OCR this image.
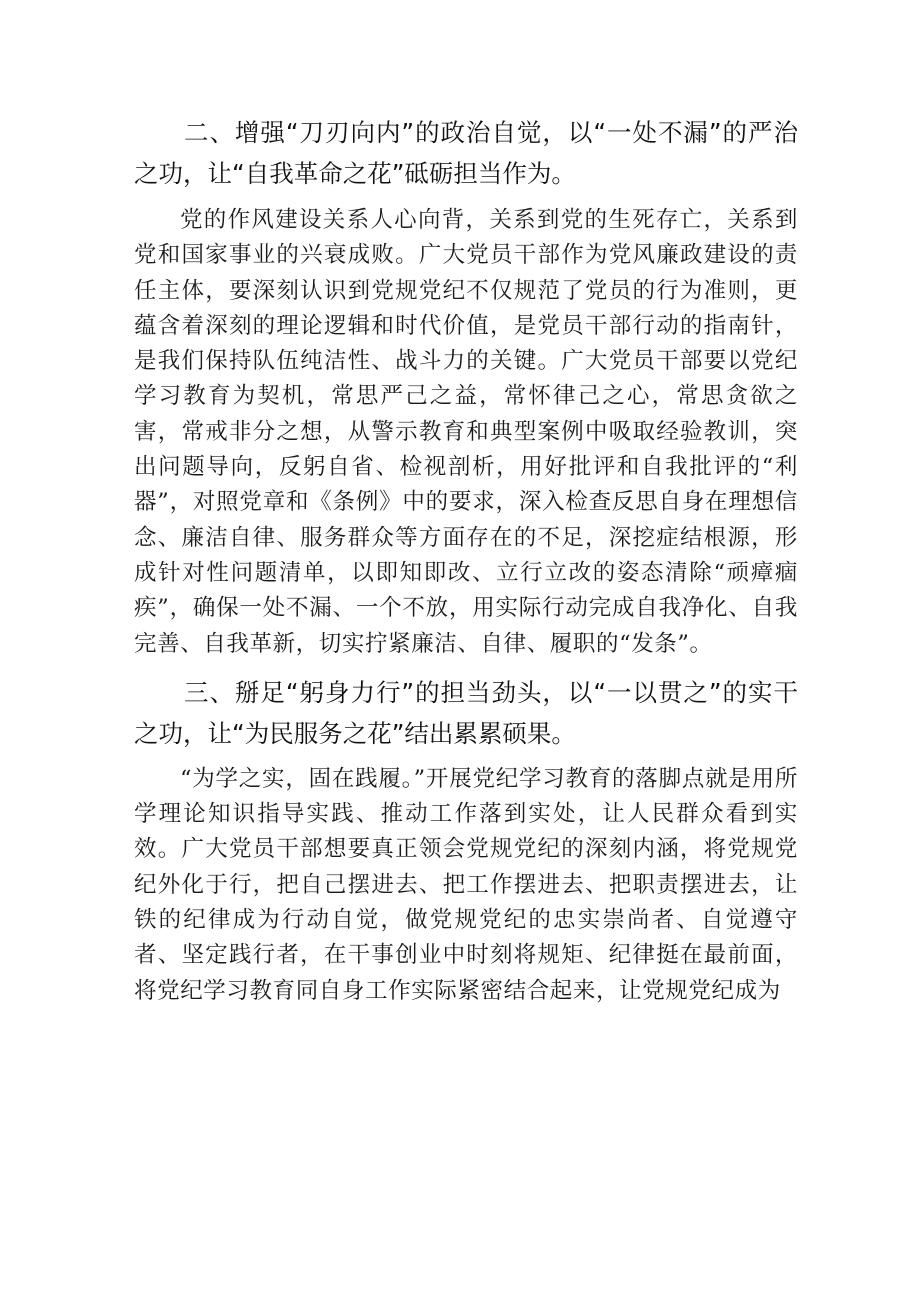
二、增强“刀刃向内”的政治自觉，以“一处不漏”的严治之功，让“自我革命之花”砥砺担当作为。

党的作风建设关系人心向背，关系到党的生死存亡，关系到党和国家事业的兴衰成败。广大党员干部作为党风廉政建设的责任主体，要深刻认识到党规党纪不仅规范了党员的行为准则，更蕴含着深刻的理论逻辑和时代价值，是党员干部行动的指南针，是我们保持队伍纯洁性、战斗力的关键。广大党员干部要以党纪学习教育为契机，常思严己之益，常怀律己之心，常思贪欲之害，常戒非分之想，从警示教育和典型案例中吸取经验教训，突出问题导向，反躬自省、检视剖析，用好批评和自我批评的“利器”，对照党章和《条例》中的要求，深入检查反思自身在理想信念、廉洁自律、服务群众等方面存在的不足，深挖症结根源，形成针对性问题清单，以即知即改、立行立改的姿态清除“顽瘴痼疾”，确保一处不漏、一个不放，用实际行动完成自我净化、自我完善、自我革新，切实拧紧廉洁、自律、履职的“发条”。

三、掰足“躬身力行”的担当劲头，以“一以贯之”的实干之功，让“为民服务之花”结出累累硕果。

“为学之实，固在践履。”开展党纪学习教育的落脚点就是用所学理论知识指导实践、推动工作落到实处，让人民群众看到实效。广大党员干部想要真正领会党规党纪的深刻内涵，将党规党纪外化于行，把自己摆进去、把工作摆进去、把职责摆进去，让铁的纪律成为行动自觉，做党规党纪的忠实崇尚者、自觉遵守者、坚定践行者，在干事创业中时刻将规矩、纪律挺在最前面，将党纪学习教育同自身工作实际紧密结合起来，让党规党纪成为
